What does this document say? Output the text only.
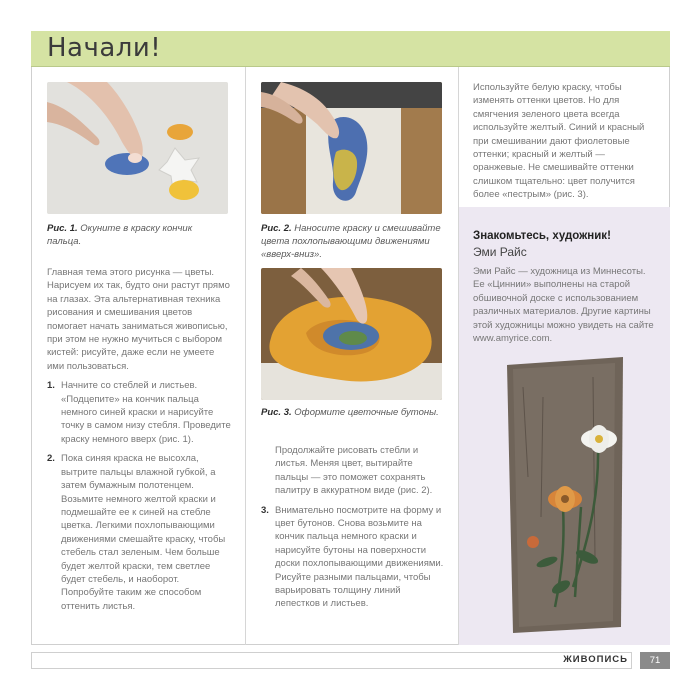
Начали!
Рис. 1. Окуните в краску кончик пальца.
Рис. 2. Наносите краску и смешивайте цвета похлопывающими движениями «вверх-вниз».
Рис. 3. Оформите цветочные бутоны.

Главная тема этого рисунка — цветы. Нарисуем их так, будто они растут прямо на глазах. Эта альтернативная техника рисования и смешивания цветов помогает начать заниматься живописью, при этом не нужно мучиться с выбором кистей: рисуйте, даже если не умеете ими пользоваться.

1. Начните со стеблей и листьев. «Подцепите» на кончик пальца немного синей краски и нарисуйте точку в самом низу стебля. Проведите краску немного вверх (рис. 1).
2. Пока синяя краска не высохла, вытрите пальцы влажной губкой, а затем бумажным полотенцем. Возьмите немного желтой краски и подмешайте ее к синей на стебле цветка. Легкими похлопывающими движениями смешайте краску, чтобы стебель стал зеленым. Чем больше будет желтой краски, тем светлее будет стебель, и наоборот. Попробуйте таким же способом оттенить листья.

Продолжайте рисовать стебли и листья. Меняя цвет, вытирайте пальцы — это поможет сохранять палитру в аккуратном виде (рис. 2).

3. Внимательно посмотрите на форму и цвет бутонов. Снова возьмите на кончик пальца немного краски и нарисуйте бутоны на поверхности доски похлопывающими движениями. Рисуйте разными пальцами, чтобы варьировать толщину линий лепестков и листьев.
Используйте белую краску, чтобы изменять оттенки цветов. Но для смягчения зеленого цвета всегда используйте желтый. Синий и красный при смешивании дают фиолетовые оттенки; красный и желтый — оранжевые. Не смешивайте оттенки слишком тщательно: цвет получится более «пестрым» (рис. 3).
Знакомьтесь, художник!
Эми Райс
Эми Райс — художница из Миннесоты. Ее «Циннии» выполнены на старой обшивочной доске с использованием различных материалов. Другие картины этой художницы можно увидеть на сайте www.amyrice.com.
ЖИВОПИСЬ	71
